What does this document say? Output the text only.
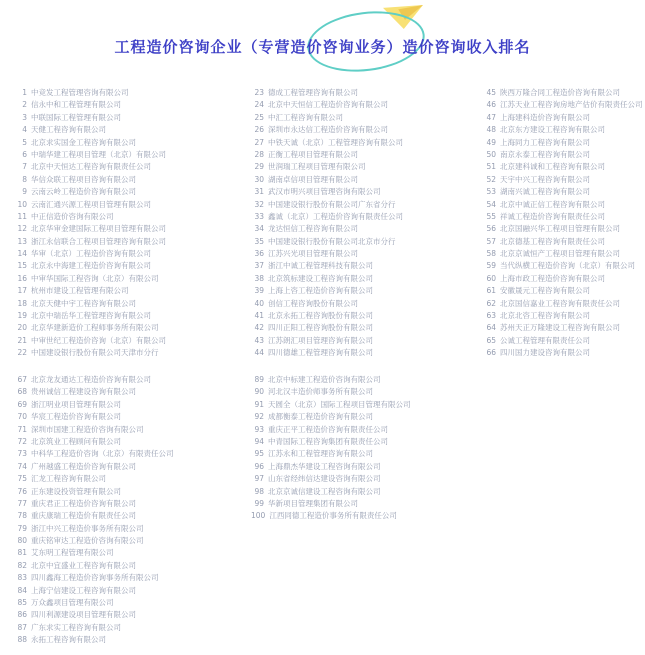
工程造价咨询企业（专营造价咨询业务）造价咨询收入排名
1 中竞发工程管理咨询有限公司
2 信永中和工程管理有限公司
3 中联国际工程管理有限公司
4 天健工程咨询有限公司
5 北京求实国金工程咨询有限公司
6 中瑞华建工程项目管理（北京）有限公司
7 北京中天恒达工程咨询有限责任公司
8 华信众联工程项目咨询有限公司
9 云南云岭工程造价咨询有限公司
10 云南汇通兴源工程项目管理有限公司
11 中正信造价咨询有限公司
12 北京华审金建国际工程项目管理有限公司
13 浙江永信联合工程项目管理咨询有限公司
14 华审（北京）工程造价咨询有限公司
15 北京永中海建工程造价咨询有限公司
16 中审华国际工程咨询（北京）有限公司
17 杭州市建设工程管理有限公司
18 北京天健中宇工程咨询有限公司
19 北京中瑞岳华工程管理咨询有限公司
20 北京华建新造价工程师事务所有限公司
21 中审世纪工程造价咨询（北京）有限公司
22 中国建设银行股份有限公司天津市分行
23 德成工程管理咨询有限公司
24 北京中天恒信工程造价咨询有限公司
25 中汇工程咨询有限公司
26 深圳市永达信工程造价咨询有限公司
27 中铁天诚（北京）工程管理咨询有限公司
28 正衡工程项目管理有限公司
29 世润瑞工程项目管理有限公司
30 湖南卓信项目管理有限公司
31 武汉市明兴项目管理咨询有限公司
32 中国建设银行股份有限公司广东省分行
33 鑫诚（北京）工程造价咨询有限责任公司
34 龙达恒信工程咨询有限公司
35 中国建设银行股份有限公司北京市分行
36 江苏兴光项目管理有限公司
37 浙江中诚工程管理科技有限公司
38 北京筑标建设工程咨询有限公司
39 上海上咨工程造价咨询有限公司
40 创信工程咨询股份有限公司
41 北京永拓工程咨询股份有限公司
42 四川正阳工程咨询股份有限公司
43 江苏朗汇项目管理咨询有限公司
44 四川德雄工程管理咨询有限公司
45 陕西万隆合同工程造价咨询有限公司
46 江苏天业工程咨询房地产估价有限责任公司
47 上海建科造价咨询有限公司
48 北京东方建设工程咨询有限公司
49 上海同力工程咨询有限公司
50 南京永泰工程咨询有限公司
51 北京建科诚和工程咨询有限公司
52 天宇中兴工程咨询有限公司
53 湖南兴诚工程咨询有限公司
54 北京中诚正信工程咨询有限公司
55 祥诚工程造价咨询有限责任公司
56 北京国融兴华工程项目管理有限公司
57 北京德基工程咨询有限责任公司
58 北京京诚恒产工程项目管理有限公司
59 当代纵横工程造价咨询（北京）有限公司
60 上海市政工程造价咨询有限公司
61 安徽晟元工程咨询有限公司
62 北京国信嘉业工程咨询有限责任公司
63 北京北咨工程咨询有限公司
64 苏州天正万隆建设工程咨询有限公司
65 公诚工程管理有限责任公司
66 四川国力建设咨询有限公司
67 北京龙友通达工程造价咨询有限公司
68 贵州诚信工程建设咨询有限公司
69 浙江明业项目管理有限公司
70 华宸工程造价咨询有限公司
71 深圳市国建工程造价咨询有限公司
72 北京筑业工程顾问有限公司
73 中科华工程造价咨询（北京）有限责任公司
74 广州越盛工程造价咨询有限公司
75 汇龙工程咨询有限公司
76 正东建设投资管理有限公司
77 重庆君正工程造价咨询有限公司
78 重庆康瑞工程造价有限责任公司
79 浙江中兴工程造价事务所有限公司
80 重庆铭审达工程造价咨询有限公司
81 艾东明工程管理有限公司
82 北京中宜盛业工程咨询有限公司
83 四川鑫海工程造价咨询事务所有限公司
84 上海宁信建设工程咨询有限公司
85 万众鑫项目管理有限公司
86 四川利源建设项目管理有限公司
87 广东求实工程咨询有限公司
88 永拓工程咨询有限公司
89 北京中标建工程造价咨询有限公司
90 河北汉丰造价师事务所有限公司
91 天圆全（北京）国际工程项目管理有限公司
92 成都衡泰工程造价咨询有限公司
93 重庆正平工程造价咨询有限责任公司
94 中青国际工程咨询集团有限责任公司
95 江苏永和工程管理咨询有限公司
96 上海鼎杰华建设工程咨询有限公司
97 山东省经纬信达建设咨询有限公司
98 北京京诚信建设工程咨询有限公司
99 华新项目管理集团有限公司
100 江西同德工程造价事务所有限责任公司
